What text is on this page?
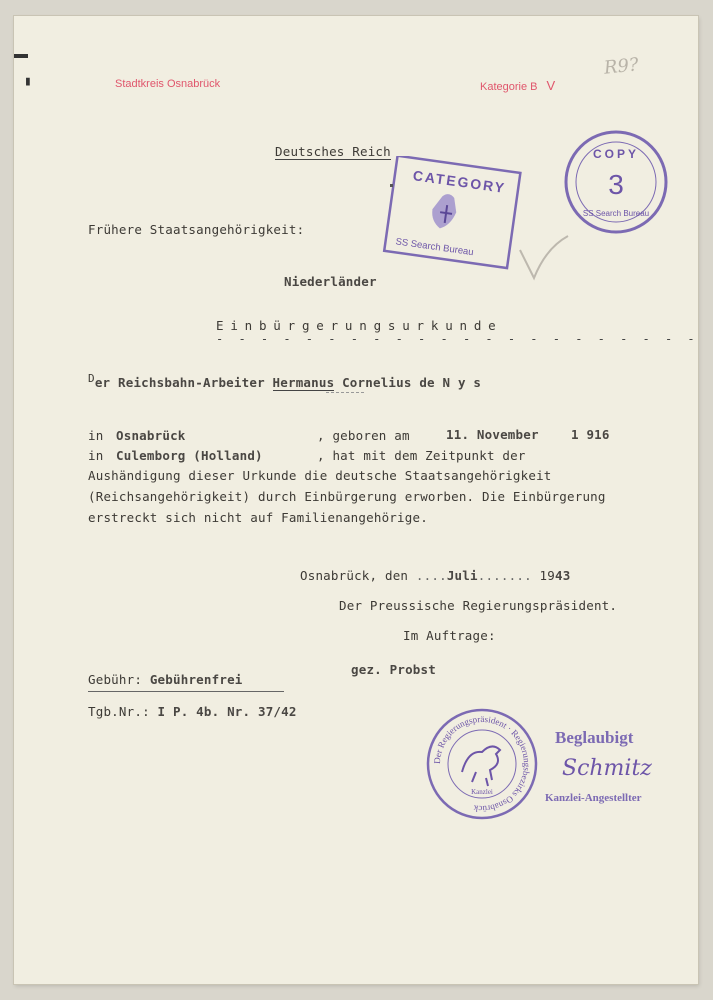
Stadtkreis Osnabrück	Kategorie B V
R9?
▮
Deutsches Reich
CATEGORY
SS Search Bureau
COPY
3
SS Search Bureau
Frühere Staatsangehörigkeit:
Niederländer
Einbürgerungsurkunde
- - - - - - - - - - - - - - - - - - - - - -
Der Reichsbahn-Arbeiter Hermanus Cornelius de N y s
in Osnabrück	, geboren am	11. November	1 916
in Culemborg (Holland)	, hat mit dem Zeitpunkt der
Aushändigung dieser Urkunde die deutsche Staatsangehörigkeit
(Reichsangehörigkeit) durch Einbürgerung erworben. Die Einbürgerung
erstreckt sich nicht auf Familienangehörige.
Osnabrück, den ....Juli....... 1943
Der Preussische Regierungspräsident.
Im Auftrage:
gez. Probst
Gebühr: Gebührenfrei
Tgb.Nr.: I P. 4b. Nr. 37/42
Der Regierungspräsident · Regierungsbezirks Osnabrück
Kanzlei
Beglaubigt
Schmitz
Kanzlei-Angestellter
